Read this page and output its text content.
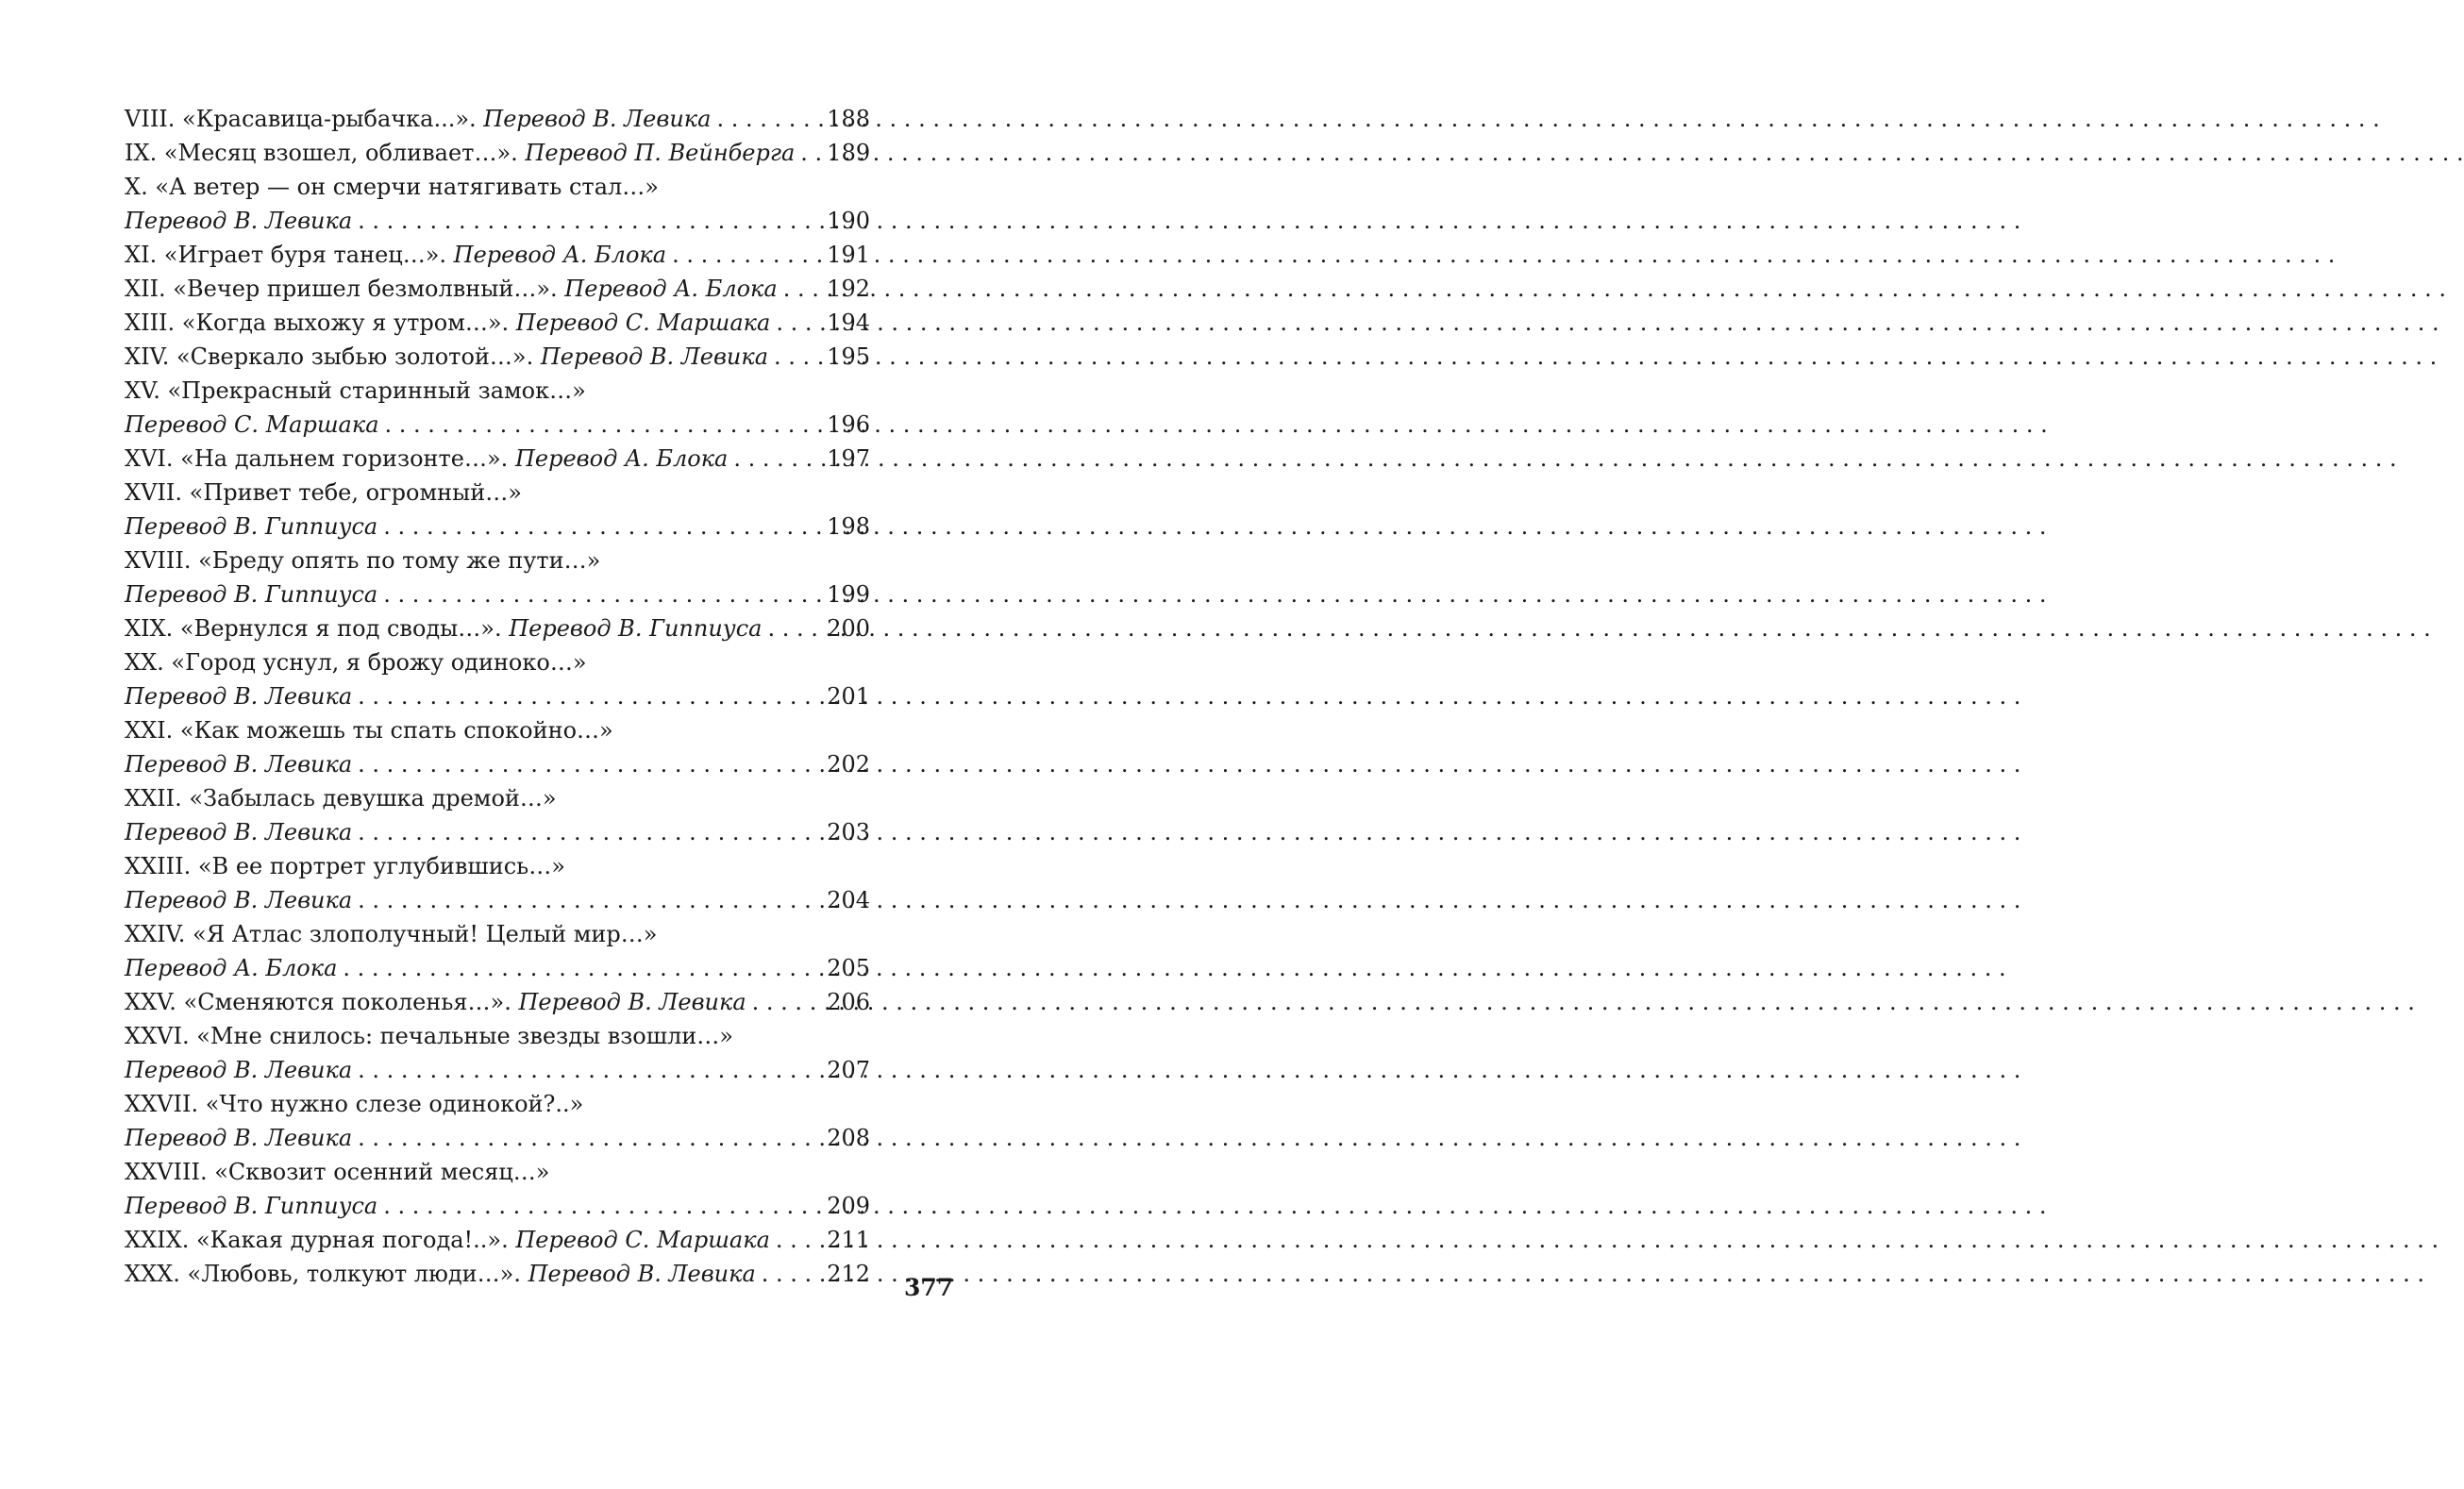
VIII. «Красавица-рыбачка...». Перевод В. Левика . . .	188
IX. «Месяц взошел, обливает…». Перевод П. Вейнберга . . . 189
X. «А ветер — он смерчи натягивать стал…»
Перевод В. Левика . . .	190
XI. «Играет буря танец…». Перевод А. Блока . . .	191
XII. «Вечер пришел безмолвный…». Перевод А. Блока . . . 192
XIII. «Когда выхожу я утром…». Перевод С. Маршака . . . 194
XIV. «Сверкало зыбью золотой…». Перевод В. Левика . . .	195
XV. «Прекрасный старинный замок…»
Перевод С. Маршака . . .	196
XVI. «На дальнем горизонте…». Перевод А. Блока . . .	197
XVII. «Привет тебе, огромный…»
Перевод В. Гиппиуса . . .	198
XVIII. «Бреду опять по тому же пути…»
Перевод В. Гиппиуса . . .	199
XIX. «Вернулся я под своды…». Перевод В. Гиппиуса . . .	200
XX. «Город уснул, я брожу одиноко…»
Перевод В. Левика . . .	201
XXI. «Как можешь ты спать спокойно…»
Перевод В. Левика . . .	202
XXII. «Забылась девушка дремой…»
Перевод В. Левика . . .	203
XXIII. «В ее портрет углубившись…»
Перевод В. Левика . . .	204
XXIV. «Я Атлас злополучный! Целый мир…»
Перевод А. Блока . . .	205
XXV. «Сменяются поколенья…». Перевод В. Левика . . .	206
XXVI. «Мне снилось: печальные звезды взошли…»
Перевод В. Левика . . .	207
XXVII. «Что нужно слезе одинокой?..»
Перевод В. Левика . . .	208
XXVIII. «Сквозит осенний месяц…»
Перевод В. Гиппиуса . . .	209
XXIX. «Какая дурная погода!..». Перевод С. Маршака . . .	211
XXX. «Любовь, толкуют люди…». Перевод В. Левика . . .	212 377
